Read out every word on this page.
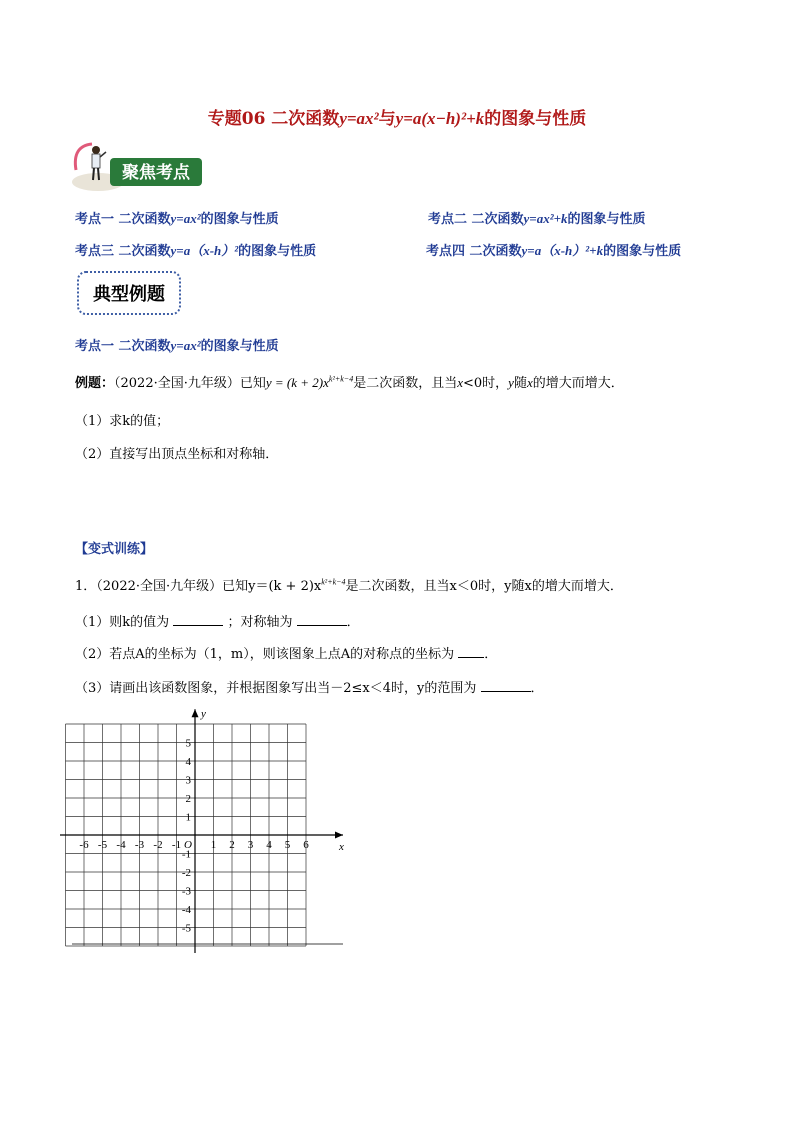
专题06 二次函数y=ax²与y=a(x−h)²+k的图象与性质
聚焦考点
考点一 二次函数y=ax²的图象与性质	考点二 二次函数y=ax²+k的图象与性质
考点三 二次函数y=a（x-h）²的图象与性质	考点四 二次函数y=a（x-h）²+k的图象与性质
典型例题
考点一 二次函数y=ax²的图象与性质
例题：（2022·全国·九年级）已知$y = (k + 2)x^{k^2+k-4}$是二次函数，且当x<0时，y随x的增大而增大．
（1）求k的值；
（2）直接写出顶点坐标和对称轴．
【变式训练】
1．（2022·全国·九年级）已知$y=(k + 2)x^{k^2+k-4}$是二次函数，且当x＜0时，y随x的增大而增大．
（1）则k的值为	；对称轴为	．
（2）若点A的坐标为（1，m），则该图象上点A的对称点的坐标为 ．
（3）请画出该函数图象，并根据图象写出当－2≤x＜4时，y的范围为	．
-6 -5 -4 -3 -2 -1	1 2 3 4 5 6
5
4
3
2
1
-1
-2
-3
-4
-5
O	x
y
